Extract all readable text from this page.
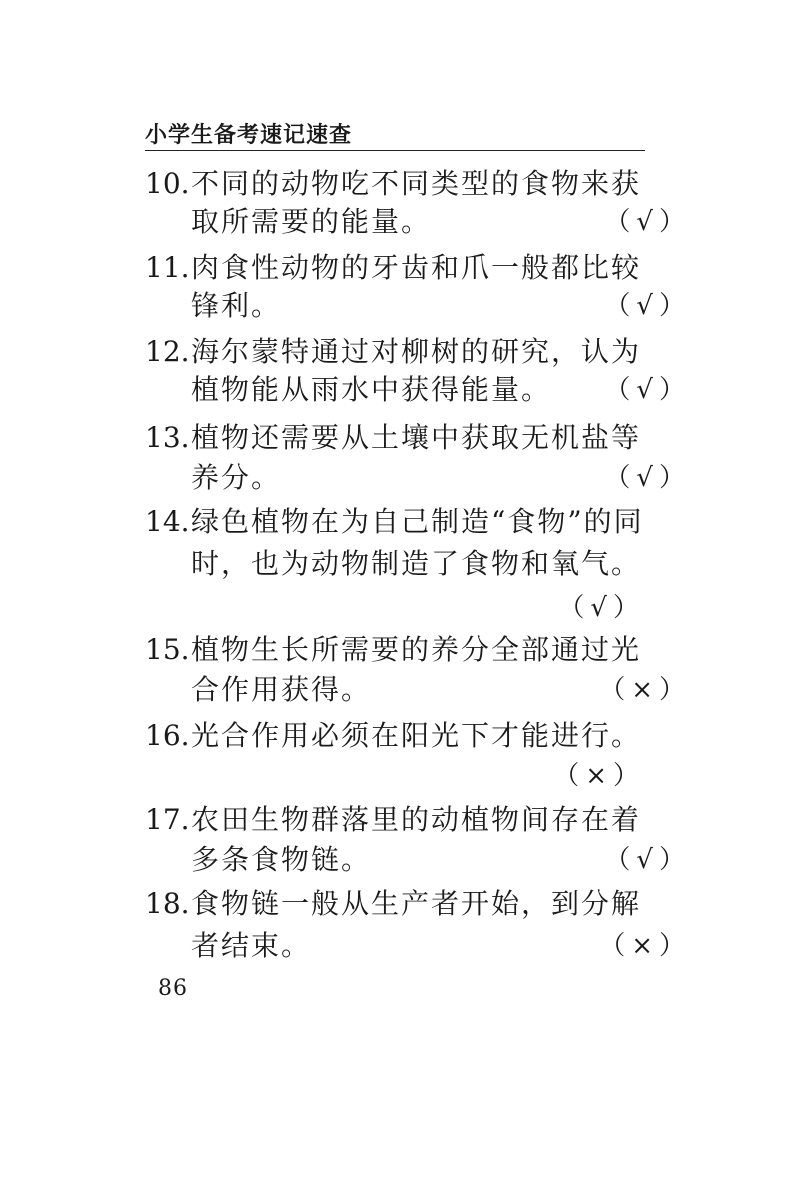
小学生备考速记速查
10.不同的动物吃不同类型的食物来获
取所需要的能量。	（√）
11.肉食性动物的牙齿和爪一般都比较
锋利。	（√）
12.海尔蒙特通过对柳树的研究，认为
植物能从雨水中获得能量。 （√）
13.植物还需要从土壤中获取无机盐等
养分。	（√）
14.绿色植物在为自己制造“食物”的同
时，也为动物制造了食物和氧气。
（√）
15.植物生长所需要的养分全部通过光
合作用获得。	（×）
16.光合作用必须在阳光下才能进行。
（×）
17.农田生物群落里的动植物间存在着
多条食物链。	（√）
18.食物链一般从生产者开始，到分解
者结束。	（×）
86
